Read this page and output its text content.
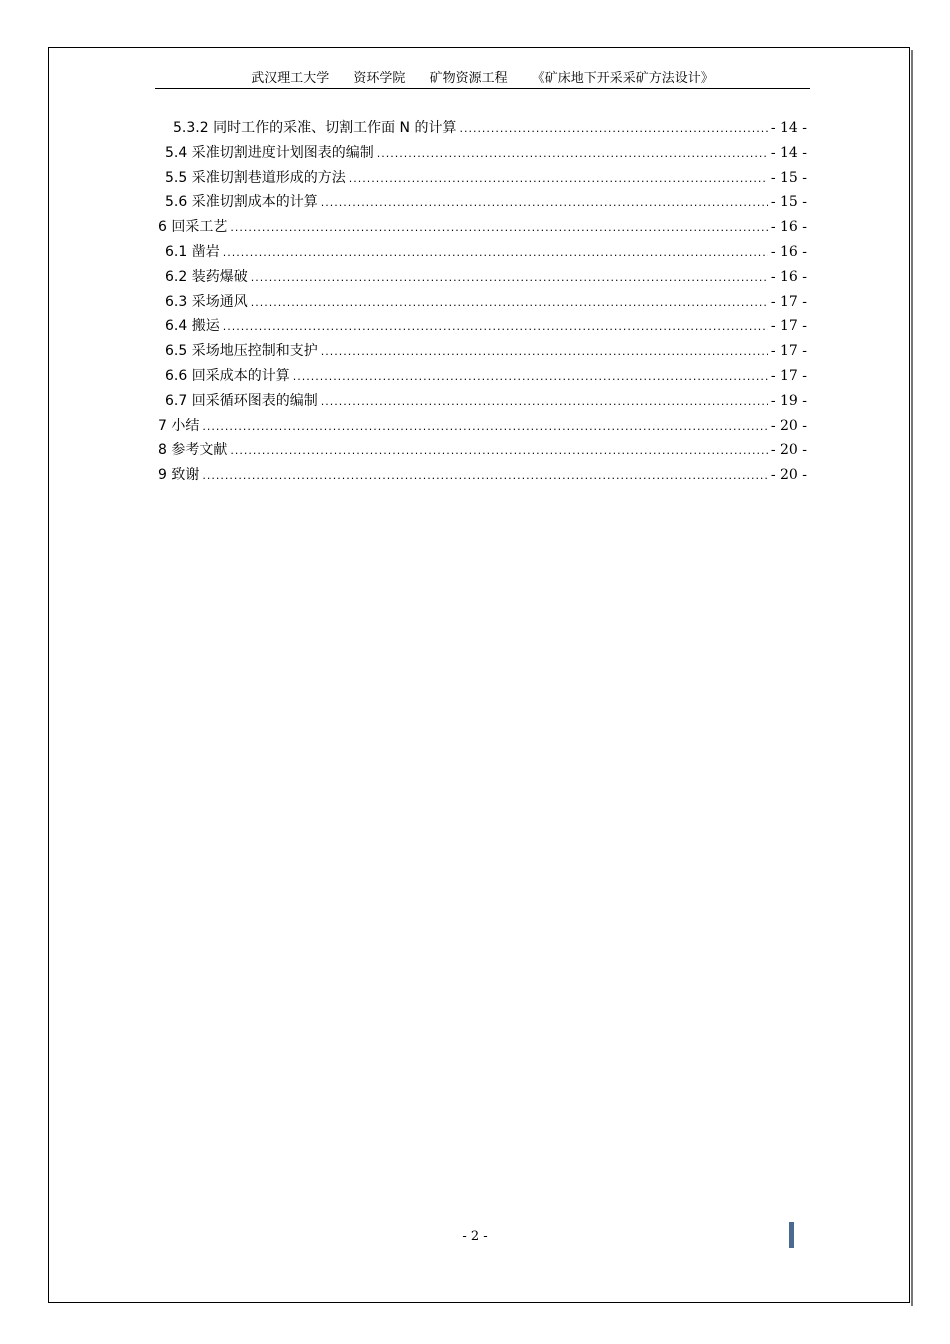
武汉理工大学 资环学院 矿物资源工程 《矿床地下开采采矿方法设计》
5.3.2 同时工作的采准、切割工作面 N 的计算 .....	- 14 -
5.4 采准切割进度计划图表的编制 .....	- 14 -
5.5 采准切割巷道形成的方法 .....	- 15 -
5.6 采准切割成本的计算 .....	- 15 -
6 回采工艺 .....	- 16 -
6.1 凿岩 .....	- 16 -
6.2 装药爆破 .....	- 16 -
6.3 采场通风 .....	- 17 -
6.4 搬运 .....	- 17 -
6.5 采场地压控制和支护 .....	- 17 -
6.6 回采成本的计算 .....	- 17 -
6.7 回采循环图表的编制 .....	- 19 -
7 小结 .....	- 20 -
8 参考文献 .....	- 20 -
9 致谢 .....	- 20 -
- 2 -
